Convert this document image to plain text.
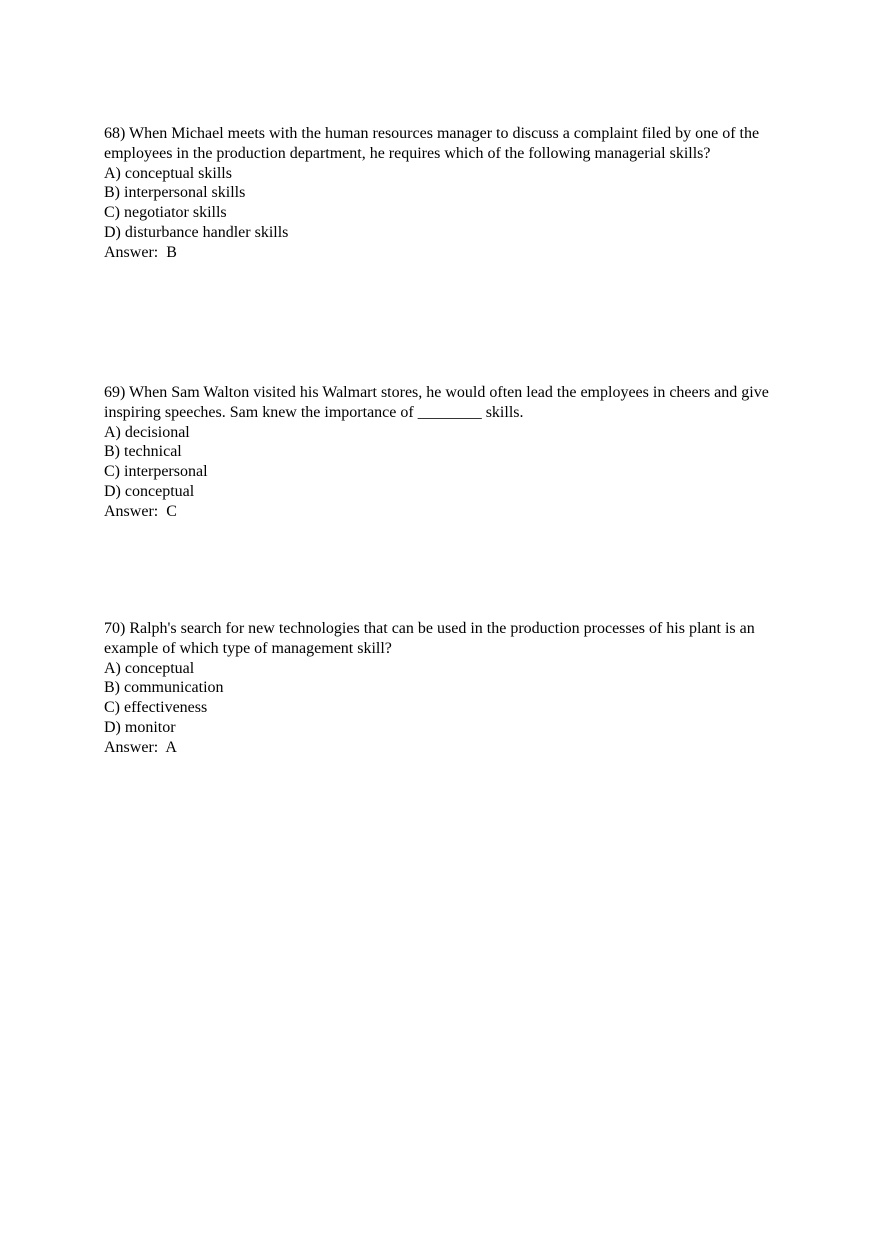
68) When Michael meets with the human resources manager to discuss a complaint filed by one of the employees in the production department, he requires which of the following managerial skills?

A) conceptual skills

B) interpersonal skills

C) negotiator skills

D) disturbance handler skills

Answer:  B

69) When Sam Walton visited his Walmart stores, he would often lead the employees in cheers and give inspiring speeches. Sam knew the importance of ________ skills.

A) decisional

B) technical

C) interpersonal

D) conceptual

Answer:  C

70) Ralph's search for new technologies that can be used in the production processes of his plant is an example of which type of management skill?

A) conceptual

B) communication

C) effectiveness

D) monitor

Answer:  A
